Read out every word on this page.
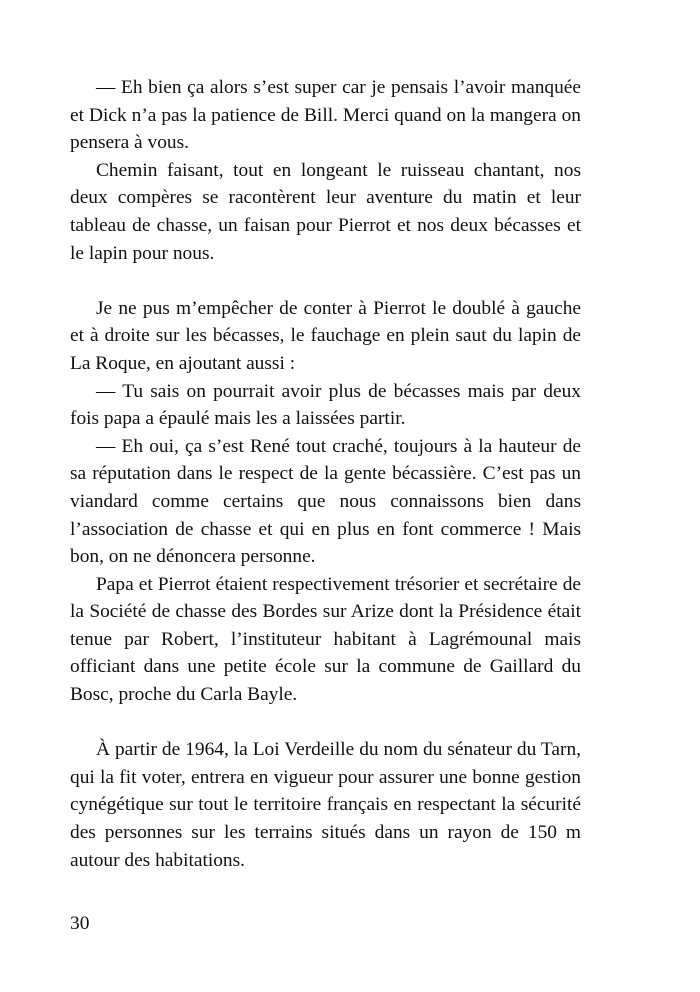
— Eh bien ça alors s’est super car je pensais l’avoir manquée et Dick n’a pas la patience de Bill. Merci quand on la mangera on pensera à vous.

Chemin faisant, tout en longeant le ruisseau chantant, nos deux compères se racontèrent leur aventure du matin et leur tableau de chasse, un faisan pour Pierrot et nos deux bécasses et le lapin pour nous.

Je ne pus m’empêcher de conter à Pierrot le doublé à gauche et à droite sur les bécasses, le fauchage en plein saut du lapin de La Roque, en ajoutant aussi :

— Tu sais on pourrait avoir plus de bécasses mais par deux fois papa a épaulé mais les a laissées partir.

— Eh oui, ça s’est René tout craché, toujours à la hauteur de sa réputation dans le respect de la gente bécassière. C’est pas un viandard comme certains que nous connaissons bien dans l’association de chasse et qui en plus en font commerce ! Mais bon, on ne dénoncera personne.

Papa et Pierrot étaient respectivement trésorier et secrétaire de la Société de chasse des Bordes sur Arize dont la Présidence était tenue par Robert, l’instituteur habitant à Lagrémounal mais officiant dans une petite école sur la commune de Gaillard du Bosc, proche du Carla Bayle.

À partir de 1964, la Loi Verdeille du nom du sénateur du Tarn, qui la fit voter, entrera en vigueur pour assurer une bonne gestion cynégétique sur tout le territoire français en respectant la sécurité des personnes sur les terrains situés dans un rayon de 150 m autour des habitations.

30
